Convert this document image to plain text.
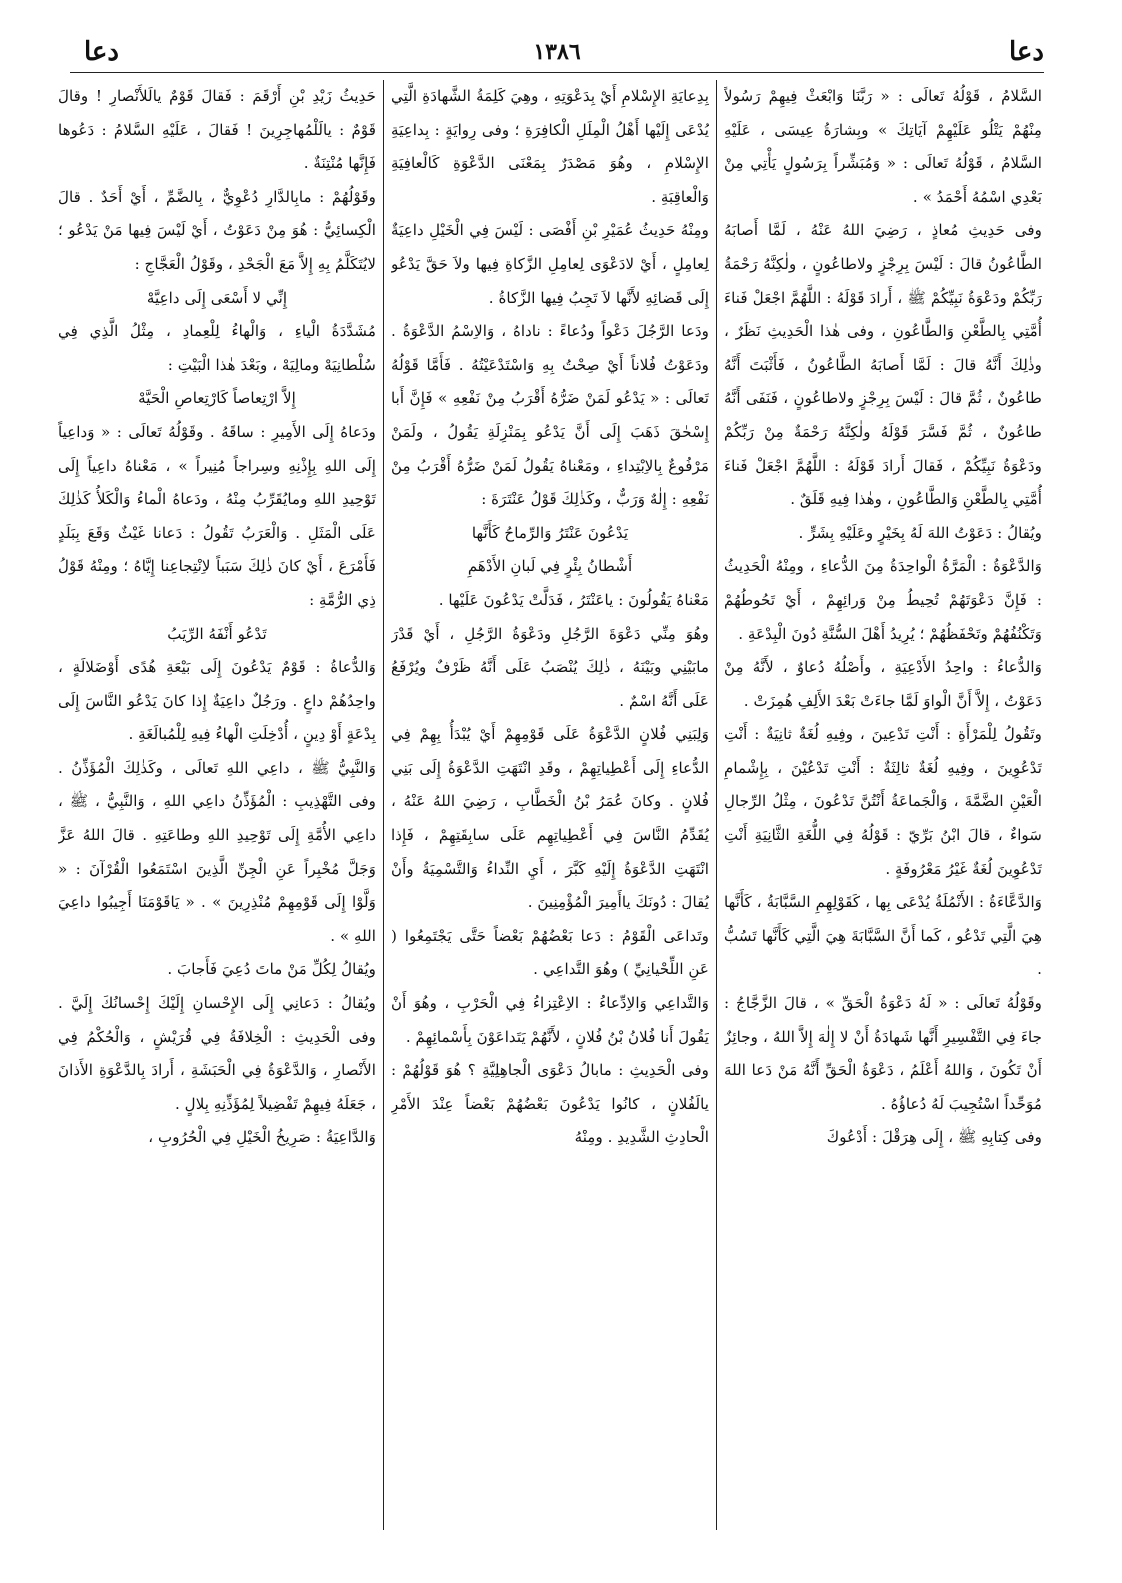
دعا
١٣٨٦
دعا

السَّلامُ ، قَوْلُهُ تَعالَى : « رَبَّنَا وَابْعَثْ فِيهِمْ رَسُولاً مِنْهُمْ يَتْلُو عَلَيْهِمْ آيَاتِكَ » وبِشارَةُ عِيسَى ، عَلَيْهِ السَّلامُ ، قَوْلُهُ تَعالَى : « وَمُبَشِّراً بِرَسُولٍ يَأْتِي مِنْ بَعْدِي اسْمُهُ أَحْمَدُ » .

وفى حَدِيثِ مُعاذٍ ، رَضِيَ اللهُ عَنْهُ ، لَمَّا أَصابَهُ الطَّاعُونُ قالَ : لَيْسَ بِرِجْزٍ ولاطاعُونٍ ، ولٰكِنَّهُ رَحْمَةُ رَبِّكُمْ ودَعْوَةُ نَبِيِّكُمْ ﷺ ، أَرادَ قَوْلَهُ : اللَّهُمَّ اجْعَلْ فَناءَ أُمَّتِي بِالطَّعْنِ وَالطَّاعُونِ ، وفى هٰذا الْحَدِيثِ نَظَرٌ ، وذٰلِكَ أَنَّهُ قالَ : لَمَّا أَصابَهُ الطَّاعُونُ ، فَأَثْبَتَ أَنَّهُ طاعُونٌ ، ثُمَّ قالَ : لَيْسَ بِرِجْزٍ ولاطاعُونٍ ، فَنَفَى أَنَّهُ طاعُونٌ ، ثُمَّ فَسَّرَ قَوْلَهُ ولٰكِنَّهُ رَحْمَةٌ مِنْ رَبِّكُمْ ودَعْوَةُ نَبِيِّكُمْ ، فَقالَ أَرادَ قَوْلَهُ : اللَّهُمَّ اجْعَلْ فَناءَ أُمَّتِي بِالطَّعْنِ وَالطَّاعُونِ ، وهٰذا فِيهِ قَلَقٌ .

ويُقالُ : دَعَوْتُ اللهَ لَهُ بِخَيْرٍ وعَلَيْهِ بِشَرٍّ .

وَالدَّعْوَةُ : الْمَرَّةُ الْواحِدَةُ مِنَ الدُّعاءِ ، ومِنْهُ الْحَدِيثُ : فَإِنَّ دَعْوَتَهُمْ تُحِيطُ مِنْ وَرائِهِمْ ، أَيْ تَحُوطُهُمْ وَتَكْنُفُهُمْ وتَحْفَظُهُمْ ؛ يُرِيدُ أَهْلَ السُّنَّةِ دُونَ الْبِدْعَةِ .

وَالدُّعاءُ : واحِدُ الأَدْعِيَةِ ، وأَصْلُهُ دُعاوٌ ، لأَنَّهُ مِنْ دَعَوْتُ ، إِلاَّ أَنَّ الْواوَ لَمَّا جاءَتْ بَعْدَ الأَلِفِ هُمِزَتْ .

وتَقُولُ لِلْمَرْأَةِ : أَنْتِ تَدْعِينَ ، وفِيهِ لُغَةٌ ثانِيَةٌ : أَنْتِ تَدْعُوِينَ ، وفِيهِ لُغَةٌ ثالِثَةٌ : أَنْتِ تَدْعُيْنَ ، بِإِشْمامِ الْعَيْنِ الضَّمَّةَ ، وَالْجَماعَةُ أَنْتُنَّ تَدْعُونَ ، مِثْلُ الرِّجالِ سَواءٌ ، قالَ ابْنُ بَرِّيّ : قَوْلُهُ فِي اللُّغَةِ الثَّانِيَةِ أَنْتِ تَدْعُوِينَ لُغَةٌ غَيْرُ مَعْرُوفَةٍ .

وَالدَّعَّاءَةُ : الأَنْمُلَةُ يُدْعَى بِها ، كَقَوْلِهِمِ السَّبَّابَةُ ، كَأَنَّها هِيَ الَّتِي تَدْعُو ، كَما أَنَّ السَّبَّابَةَ هِيَ الَّتِي كَأَنَّها تَسُبُّ .

وقَوْلُهُ تَعالَى : « لَهُ دَعْوَةُ الْحَقِّ » ، قالَ الزَّجَّاجُ : جاءَ فِي التَّفْسِيرِ أَنَّها شَهادَةُ أَنْ لا إِلٰهَ إِلاَّ اللهُ ، وجائِزٌ أَنْ تَكُونَ ، وَاللهُ أَعْلَمُ ، دَعْوَةُ الْحَقِّ أَنَّهُ مَنْ دَعا اللهَ مُوَحِّداً اسْتُجِيبَ لَهُ دُعاؤُهُ .

وفى كِتابِهِ ﷺ ، إِلَى هِرَقْلَ : أَدْعُوكَ

بِدِعايَةِ الإِسْلامِ أَيْ بِدَعْوَتِهِ ، وهِيَ كَلِمَةُ الشَّهادَةِ الَّتِي يُدْعَى إِلَيْها أَهْلُ الْمِلَلِ الْكافِرَةِ ؛ وفى رِوايَةٍ : بِداعِيَةِ الإِسْلامِ ، وهُوَ مَصْدَرٌ بِمَعْنَى الدَّعْوَةِ كَالْعافِيَةِ وَالْعاقِبَةِ .

ومِنْهُ حَدِيثُ عُمَيْرِ بْنِ أَفْصَى : لَيْسَ فِي الْخَيْلِ داعِيَةٌ لِعامِلٍ ، أَيْ لادَعْوَى لِعامِلِ الزَّكاةِ فِيها ولاَ حَقَّ يَدْعُو إِلَى قَضائِهِ لأَنَّها لاَ تَجِبُ فِيها الزَّكاةُ .

ودَعا الرَّجُلَ دَعْواً ودُعاءً : ناداهُ ، وَالاِسْمُ الدَّعْوَةُ . ودَعَوْتُ فُلاناً أَيْ صِحْتُ بِهِ وَاسْتَدْعَيْتُهُ . فَأَمَّا قَوْلُهُ تَعالَى : « يَدْعُو لَمَنْ ضَرُّهُ أَقْرَبُ مِنْ نَفْعِهِ » فَإِنَّ أَبا إِسْحٰقَ ذَهَبَ إِلَى أَنَّ يَدْعُو بِمَنْزِلَةِ يَقُولُ ، ولَمَنْ مَرْفُوعٌ بِالاِبْتِداءِ ، ومَعْناهُ يَقُولُ لَمَنْ ضَرُّهُ أَقْرَبُ مِنْ نَفْعِهِ : إِلٰهٌ وَرَبٌّ ، وكَذٰلِكَ قَوْلُ عَنْتَرَةَ :

يَدْعُونَ عَنْتَرُ وَالرِّماحُ كَأَنَّها

أَشْطانُ بِئْرٍ فِي لَبانِ الأَدْهَمِ

مَعْناهُ يَقُولُونَ : ياعَنْتَرُ ، فَدَلَّتْ يَدْعُونَ عَلَيْها .

وهُوَ مِنِّي دَعْوَةَ الرَّجُلِ ودَعْوَةُ الرَّجُلِ ، أَيْ قَدْرَ مابَيْنِي وبَيْنَهُ ، ذٰلِكَ يُنْصَبُ عَلَى أَنَّهُ ظَرْفٌ ويُرْفَعُ عَلَى أَنَّهُ اسْمٌ .

وَلِبَنِي فُلانٍ الدَّعْوَةُ عَلَى قَوْمِهِمْ أَيْ يُبْدَأُ بِهِمْ فِي الدُّعاءِ إِلَى أَعْطِياتِهِمْ ، وقَدِ انْتَهَتِ الدَّعْوَةُ إِلَى بَنِي فُلانٍ . وكانَ عُمَرُ بْنُ الْخَطَّابِ ، رَضِيَ اللهُ عَنْهُ ، يُقَدِّمُ النَّاسَ فِي أَعْطِياتِهِم عَلَى سابِقَتِهِمْ ، فَإِذا انْتَهَتِ الدَّعْوَةُ إِلَيْهِ كَبَّرَ ، أَيِ النِّداءُ وَالتَّسْمِيَةُ وأَنْ يُقالَ : دُونَكَ ياأَمِيرَ الْمُؤْمِنِينَ .

وتَداعَى الْقَوْمُ : دَعا بَعْضُهُمْ بَعْضاً حَتَّى يَجْتَمِعُوا ( عَنِ اللِّحْيانِيِّ ) وهُوَ التَّداعِي .

وَالتَّداعِي وَالاِدِّعاءُ : الاِعْتِزاءُ فِي الْحَرْبِ ، وهُوَ أَنْ يَقُولَ أَنا فُلانُ بْنُ فُلانٍ ، لأَنَّهُمْ يَتَداعَوْنَ بِأَسْمائِهِمْ .

وفى الْحَدِيثِ : مابالُ دَعْوَى الْجاهِلِيَّةِ ؟ هُوَ قَوْلُهُمْ : يالَفُلانٍ ، كانُوا يَدْعُونَ بَعْضُهُمْ بَعْضاً عِنْدَ الأَمْرِ الْحادِثِ الشَّدِيدِ . ومِنْهُ

حَدِيثُ زَيْدِ بْنِ أَرْقَمَ : فَقالَ قَوْمٌ يالَلأَنْصارِ ! وقالَ قَوْمٌ : يالَلْمُهاجِرِينَ ! فَقالَ ، عَلَيْهِ السَّلامُ : دَعُوها فَإِنَّها مُنْتِنَةٌ .

وقَوْلُهُمْ : مابِالدَّارِ دُعْوِيٌّ ، بِالضَّمِّ ، أَيْ أَحَدٌ . قالَ الْكِسائِيُّ : هُوَ مِنْ دَعَوْتُ ، أَيْ لَيْسَ فِيها مَنْ يَدْعُو ؛ لايُتَكَلَّمُ بِهِ إِلاَّ مَعَ الْجَحْدِ ، وقَوْلُ الْعَجَّاجِ :

إِنِّي لا أَسْعَى إِلَى داعِيَّهْ

مُشَدَّدَةُ الْياءِ ، وَالْهاءُ لِلْعِمادِ ، مِثْلُ الَّذِي فِي سُلْطانِيَهْ ومالِيَهْ ، وبَعْدَ هٰذا الْبَيْتِ :

إِلاَّ ارْتِعاصاً كَارْتِعاصِ الْحَيَّهْ

ودَعاهُ إِلَى الأَمِيرِ : ساقَهُ . وقَوْلُهُ تَعالَى : « وَداعِياً إِلَى اللهِ بِإِذْنِهِ وسِراجاً مُنِيراً » ، مَعْناهُ داعِياً إِلَى تَوْحِيدِ اللهِ ومايُقَرِّبُ مِنْهُ ، ودَعاهُ الْماءُ وَالْكَلأُ كَذٰلِكَ عَلَى الْمَثَلِ . وَالْعَرَبُ تَقُولُ : دَعانا غَيْثٌ وَقَعَ بِبَلَدٍ فَأَمْرَعَ ، أَيْ كانَ ذٰلِكَ سَبَباً لاِنْتِجاعِنا إِيَّاهُ ؛ ومِنْهُ قَوْلُ ذِي الرُّمَّةِ :

تَدْعُو أَنْفَهُ الرِّيَبُ

وَالدُّعاةُ : قَوْمٌ يَدْعُونَ إِلَى بَيْعَةِ هُدًى أَوْضَلالَةٍ ، واحِدُهُمْ داعٍ . ورَجُلٌ داعِيَةٌ إِذا كانَ يَدْعُو النَّاسَ إِلَى بِدْعَةٍ أَوْ دِينٍ ، أُدْخِلَتِ الْهاءُ فِيهِ لِلْمُبالَغَةِ .

وَالنَّبِيُّ ﷺ ، داعِي اللهِ تَعالَى ، وكَذٰلِكَ الْمُؤَذِّنُ . وفى التَّهْذِيبِ : الْمُؤَذِّنُ داعِي اللهِ ، وَالنَّبِيُّ ، ﷺ ، داعِي الأُمَّةِ إِلَى تَوْحِيدِ اللهِ وطاعَتِهِ . قالَ اللهُ عَزَّ وَجَلَّ مُخْبِراً عَنِ الْجِنِّ الَّذِينَ اسْتَمَعُوا الْقُرْآنَ : « وَلَّوْا إِلَى قَوْمِهِمْ مُنْذِرِينَ » . « يَاقَوْمَنَا أَجِيبُوا داعِيَ اللهِ » .

ويُقالُ لِكُلِّ مَنْ ماتَ دُعِيَ فَأَجابَ .

ويُقالُ : دَعانِي إِلَى الإِحْسانِ إِلَيْكَ إِحْسانُكَ إِلَيَّ . وفى الْحَدِيثِ : الْخِلافَةُ فِي قُرَيْشٍ ، وَالْحُكْمُ فِي الأَنْصارِ ، وَالدَّعْوَةُ فِي الْحَبَشَةِ ، أَرادَ بِالدَّعْوَةِ الأَذانَ ، جَعَلَهُ فِيهِمْ تَفْضِيلاً لِمُؤَذِّنِهِ بِلالٍ .

وَالدَّاعِيَةُ : صَرِيخُ الْخَيْلِ فِي الْحُرُوبِ ،
